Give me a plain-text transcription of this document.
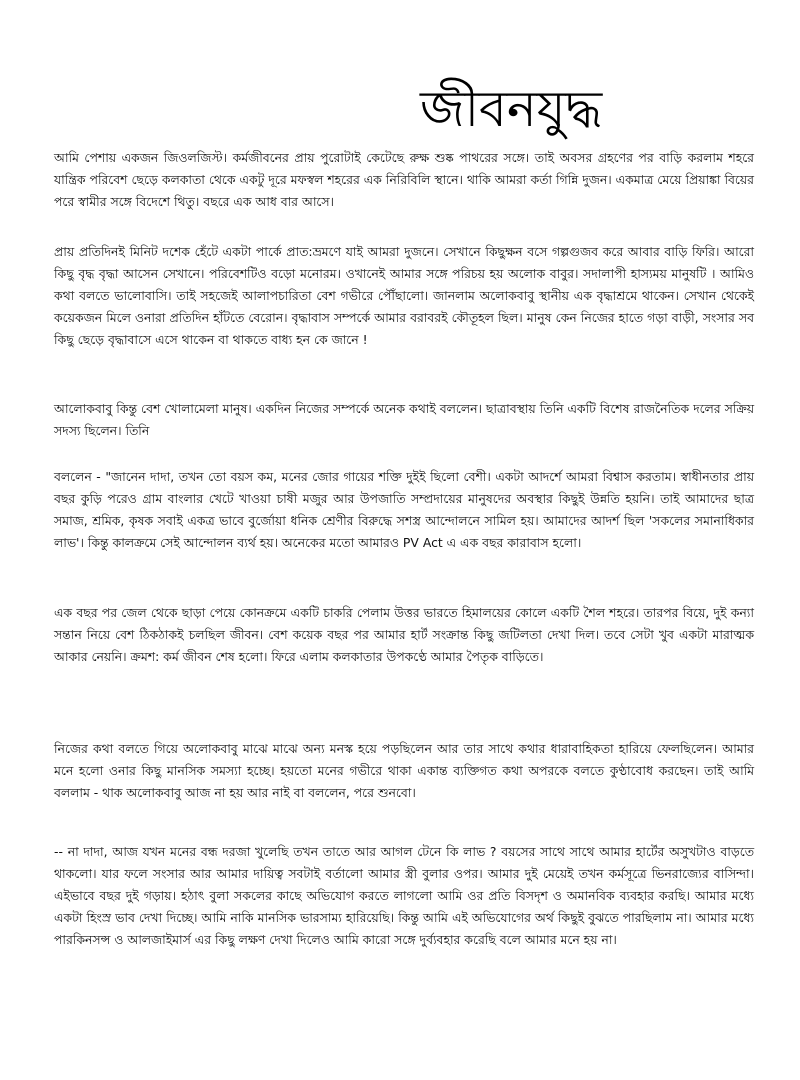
জীবনযুদ্ধ

আমি পেশায় একজন জিওলজিস্ট। কর্মজীবনের প্রায় পুরোটাই কেটেছে রুক্ষ শুষ্ক পাথরের সঙ্গে। তাই অবসর গ্রহণের পর বাড়ি করলাম শহরে যান্ত্রিক পরিবেশ ছেড়ে কলকাতা থেকে একটু দূরে মফস্বল শহরের এক নিরিবিলি স্থানে। থাকি আমরা কর্তা গিন্নি দুজন। একমাত্র মেয়ে প্রিয়াঙ্কা বিয়ের পরে স্বামীর সঙ্গে বিদেশে থিতু। বছরে এক আধ বার আসে।

প্রায় প্রতিদিনই মিনিট দশেক হেঁটে একটা পার্কে প্রাত:ভ্রমণে যাই আমরা দুজনে। সেখানে কিছুক্ষন বসে গল্পগুজব করে আবার বাড়ি ফিরি। আরো কিছু বৃদ্ধ বৃদ্ধা আসেন সেখানে। পরিবেশটিও বড়ো মনোরম। ওখানেই আমার সঙ্গে পরিচয় হয় অলোক বাবুর। সদালাপী হাস্যময় মানুষটি । আমিও কথা বলতে ভালোবাসি। তাই সহজেই আলাপচারিতা বেশ গভীরে পৌঁছালো। জানলাম অলোকবাবু স্থানীয় এক বৃদ্ধাশ্রমে থাকেন। সেখান থেকেই কয়েকজন মিলে ওনারা প্রতিদিন হাঁটতে বেরোন। বৃদ্ধাবাস সম্পর্কে আমার বরাবরই কৌতূহল ছিল। মানুষ কেন নিজের হাতে গড়া বাড়ী, সংসার সব কিছু ছেড়ে বৃদ্ধাবাসে এসে থাকেন বা থাকতে বাধ্য হন কে জানে !

আলোকবাবু কিন্তু বেশ খোলামেলা মানুষ। একদিন নিজের সম্পর্কে অনেক কথাই বললেন। ছাত্রাবস্থায় তিনি একটি বিশেষ রাজনৈতিক দলের সক্রিয় সদস্য ছিলেন। তিনি

বললেন - "জানেন দাদা, তখন তো বয়স কম, মনের জোর গায়ের শক্তি দুইই ছিলো বেশী। একটা আদর্শে আমরা বিশ্বাস করতাম। স্বাধীনতার প্রায় বছর কুড়ি পরেও গ্রাম বাংলার খেটে খাওয়া চাষী মজুর আর উপজাতি সম্প্রদায়ের মানুষদের অবস্থার কিছুই উন্নতি হয়নি। তাই আমাদের ছাত্র সমাজ, শ্রমিক, কৃষক সবাই একত্র ভাবে বুর্জোয়া ধনিক শ্রেণীর বিরুদ্ধে সশস্ত্র আন্দোলনে সামিল হয়। আমাদের আদর্শ ছিল 'সকলের সমানাধিকার লাভ'। কিন্তু কালক্রমে সেই আন্দোলন ব্যর্থ হয়। অনেকের মতো আমারও PV Act এ এক বছর কারাবাস হলো।

এক বছর পর জেল থেকে ছাড়া পেয়ে কোনক্রমে একটি চাকরি পেলাম উত্তর ভারতে হিমালয়ের কোলে একটি শৈল শহরে। তারপর বিয়ে, দুই কন্যা সন্তান নিয়ে বেশ ঠিকঠাকই চলছিল জীবন। বেশ কয়েক বছর পর আমার হার্ট সংক্রান্ত কিছু জটিলতা দেখা দিল। তবে সেটা খুব একটা মারাত্মক আকার নেয়নি। ক্রমশ: কর্ম জীবন শেষ হলো। ফিরে এলাম কলকাতার উপকণ্ঠে আমার পৈতৃক বাড়িতে।

নিজের কথা বলতে গিয়ে অলোকবাবু মাঝে মাঝে অন্য মনস্ক হয়ে পড়ছিলেন আর তার সাথে কথার ধারাবাহিকতা হারিয়ে ফেলছিলেন। আমার মনে হলো ওনার কিছু মানসিক সমস্যা হচ্ছে। হয়তো মনের গভীরে থাকা একান্ত ব্যক্তিগত কথা অপরকে বলতে কুণ্ঠাবোধ করছেন। তাই আমি বললাম - থাক অলোকবাবু আজ না হয় আর নাই বা বললেন, পরে শুনবো।

-- না দাদা, আজ যখন মনের বন্ধ দরজা খুলেছি তখন তাতে আর আগল টেনে কি লাভ ? বয়সের সাথে সাথে আমার হার্টের অসুখটাও বাড়তে থাকলো। যার ফলে সংসার আর আমার দায়িত্ব সবটাই বর্তালো আমার স্ত্রী বুলার ওপর। আমার দুই মেয়েই তখন কর্মসূত্রে ভিনরাজ্যের বাসিন্দা। এইভাবে বছর দুই গড়ায়। হঠাৎ বুলা সকলের কাছে অভিযোগ করতে লাগলো আমি ওর প্রতি বিসদৃশ ও অমানবিক ব্যবহার করছি। আমার মধ্যে একটা হিংস্র ভাব দেখা দিচ্ছে। আমি নাকি মানসিক ভারসাম্য হারিয়েছি। কিন্তু আমি এই অভিযোগের অর্থ কিছুই বুঝতে পারছিলাম না। আমার মধ্যে পারকিনসন্স ও আলজাইমার্স এর কিছু লক্ষণ দেখা দিলেও আমি কারো সঙ্গে দুর্ব্যবহার করেছি বলে আমার মনে হয় না।
